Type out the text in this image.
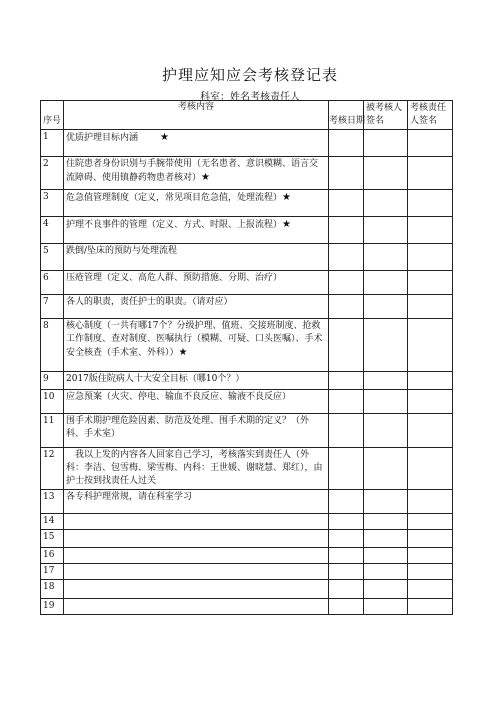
护理应知应会考核登记表
科室：姓名考核责任人
序号	考核内容	考核日期	被考核人签名	考核责任人签名
1	优质护理目标内涵 ★			
2	住院患者身份识别与手腕带使用（无名患者、意识模糊、语言交流障碍、使用镇静药物患者核对）★			
3	危急值管理制度（定义，常见项目危急值，处理流程）★			
4	护理不良事件的管理（定义、方式、时限、上报流程）★			
5	跌倒/坠床的预防与处理流程			
6	压疮管理（定义、高危人群、预防措施、分期、治疗）			
7	各人的职责，责任护士的职责。（请对应）			
8	核心制度（一共有哪17个？分级护理、值班、交接班制度、抢救工作制度、查对制度、医嘱执行（模糊、可疑、口头医嘱）、手术安全核查（手术室、外科））★			
9	2017版住院病人十大安全目标（哪10个？）			
10	应急预案（火灾、停电、输血不良反应、输液不良反应）			
11	围手术期护理危险因素、防范及处理、围手术期的定义？（外科、手术室）			
12	我以上发的内容各人回家自己学习，考核落实到责任人（外科：李洁、包雪梅、梁雪梅、内科：王世媛、谢晓慧、郑红），由护士按到找责任人过关			
13	各专科护理常规，请在科室学习			
14				
15				
16				
17				
18				
19				
